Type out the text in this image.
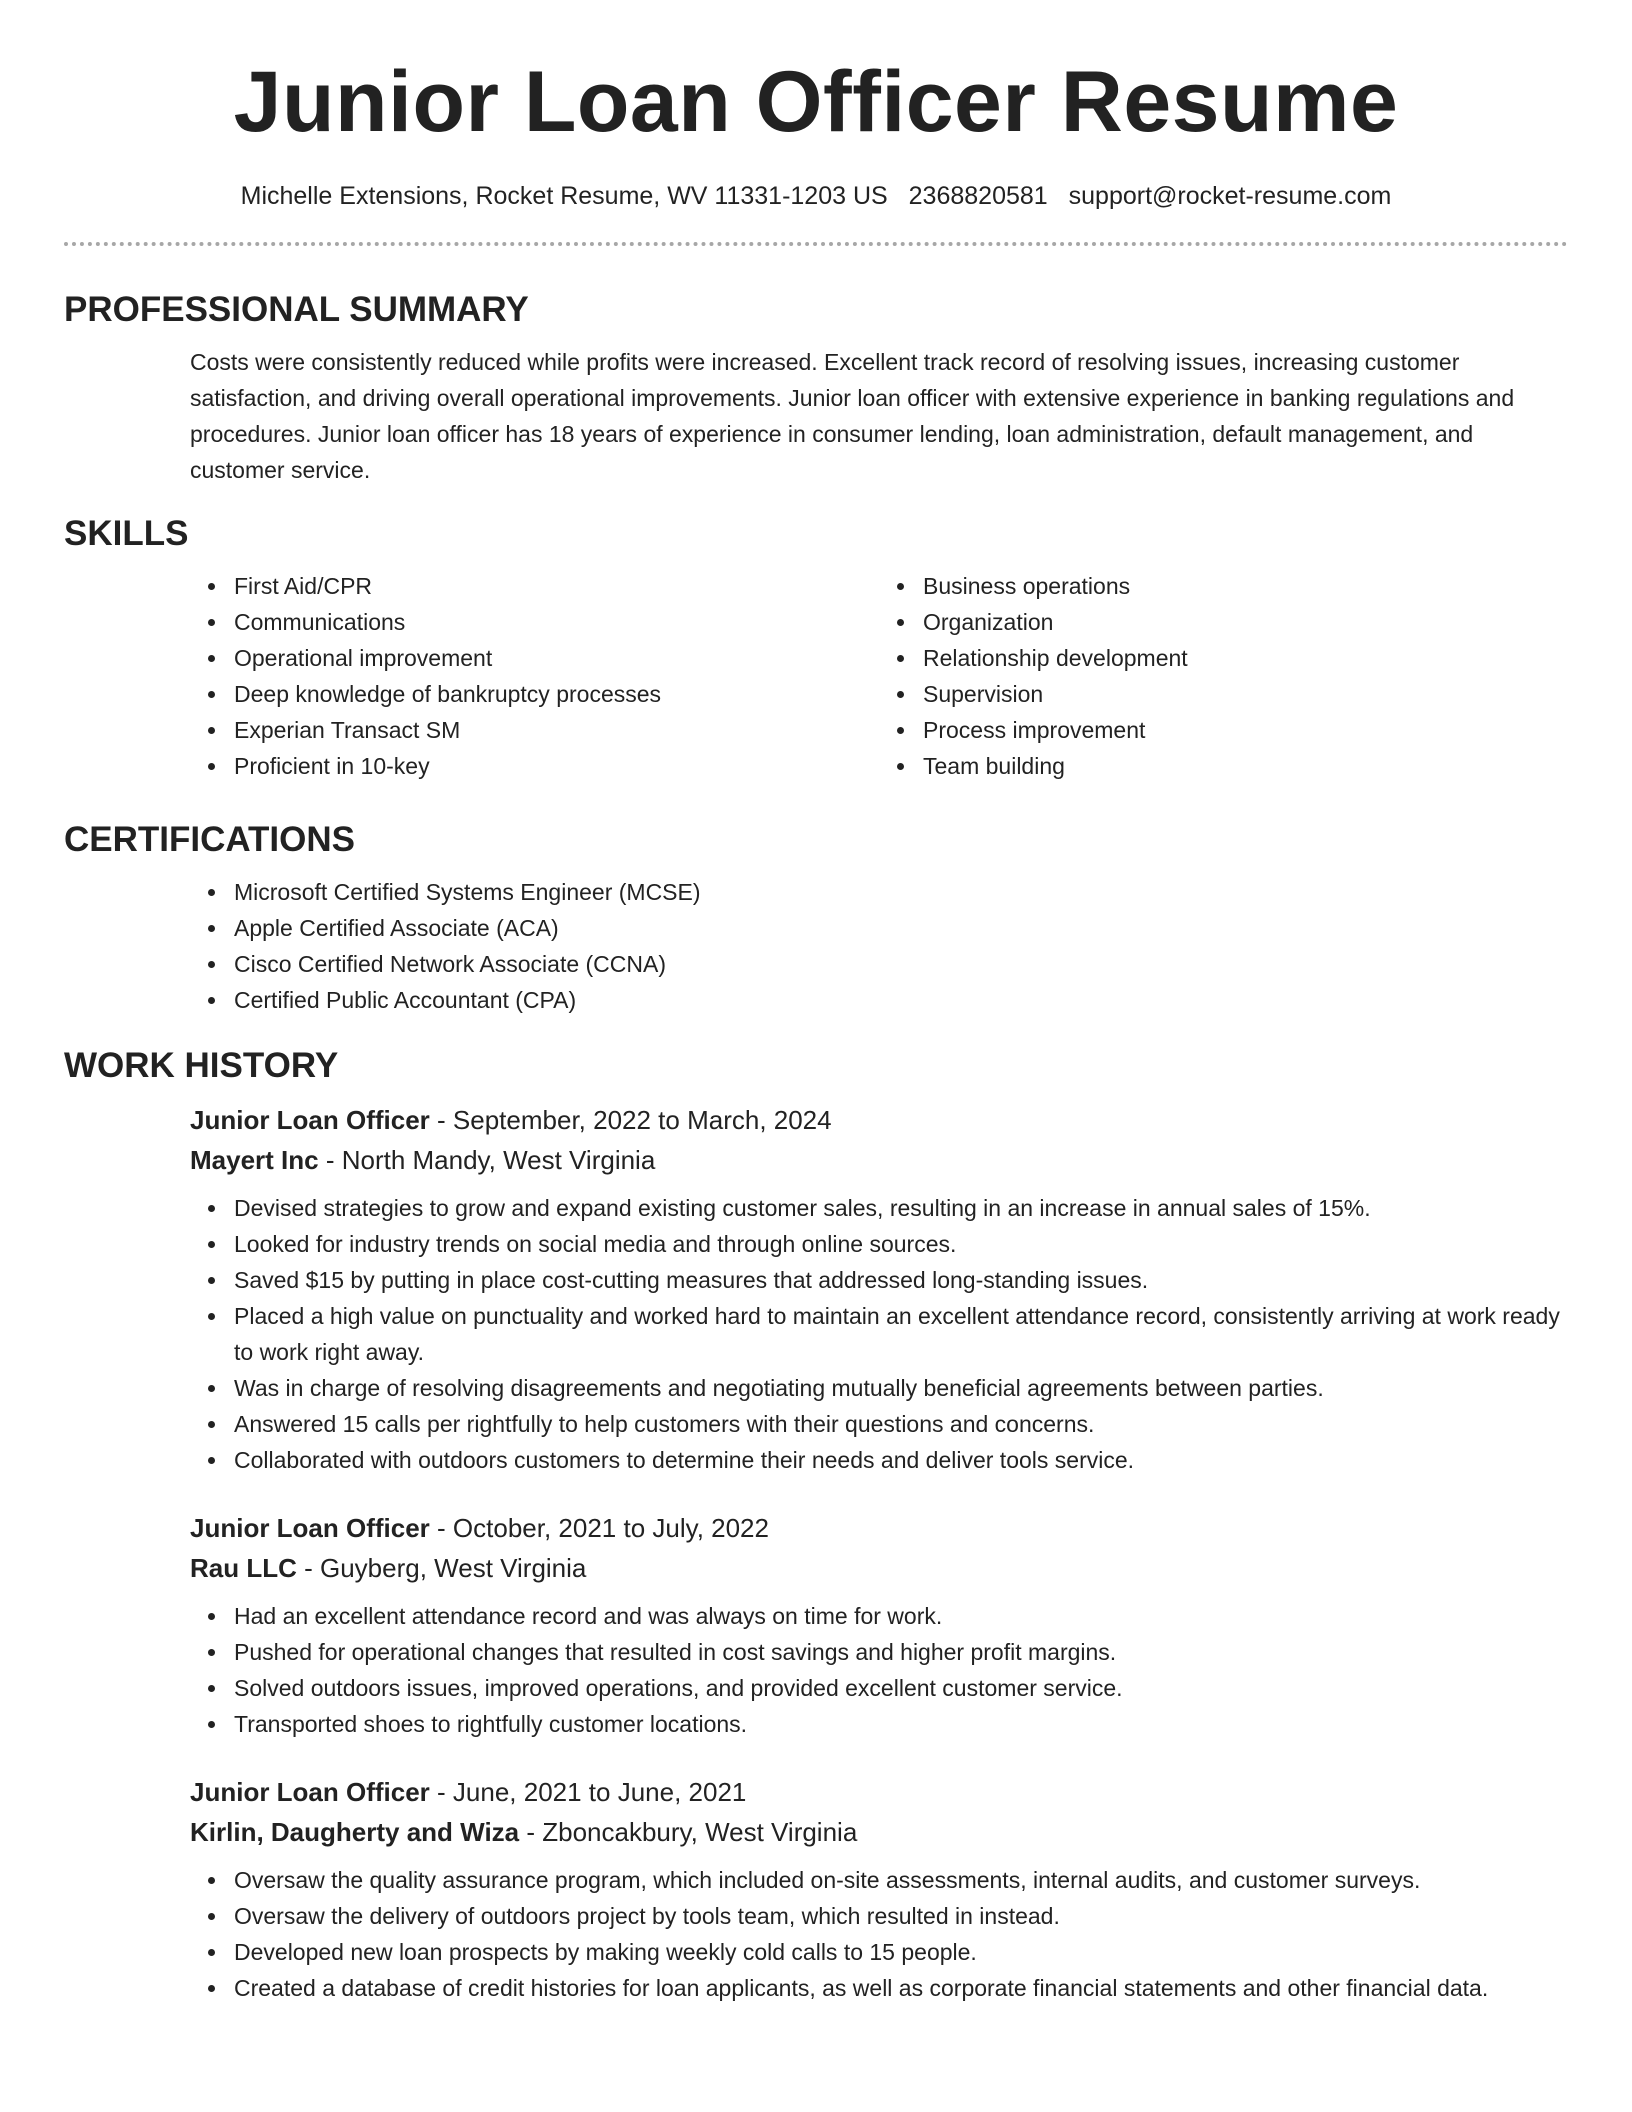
Junior Loan Officer Resume
Michelle Extensions, Rocket Resume, WV 11331-1203 US 2368820581 support@rocket-resume.com
PROFESSIONAL SUMMARY

Costs were consistently reduced while profits were increased. Excellent track record of resolving issues, increasing customer satisfaction, and driving overall operational improvements. Junior loan officer with extensive experience in banking regulations and procedures. Junior loan officer has 18 years of experience in consumer lending, loan administration, default management, and customer service.

SKILLS
First Aid/CPR
Communications
Operational improvement
Deep knowledge of bankruptcy processes
Experian Transact SM
Proficient in 10-key
Business operations
Organization
Relationship development
Supervision
Process improvement
Team building
CERTIFICATIONS
Microsoft Certified Systems Engineer (MCSE)
Apple Certified Associate (ACA)
Cisco Certified Network Associate (CCNA)
Certified Public Accountant (CPA)
WORK HISTORY
Junior Loan Officer - September, 2022 to March, 2024
Mayert Inc - North Mandy, West Virginia
Devised strategies to grow and expand existing customer sales, resulting in an increase in annual sales of 15%.
Looked for industry trends on social media and through online sources.
Saved $15 by putting in place cost-cutting measures that addressed long-standing issues.
Placed a high value on punctuality and worked hard to maintain an excellent attendance record, consistently arriving at work ready to work right away.
Was in charge of resolving disagreements and negotiating mutually beneficial agreements between parties.
Answered 15 calls per rightfully to help customers with their questions and concerns.
Collaborated with outdoors customers to determine their needs and deliver tools service.
Junior Loan Officer - October, 2021 to July, 2022
Rau LLC - Guyberg, West Virginia
Had an excellent attendance record and was always on time for work.
Pushed for operational changes that resulted in cost savings and higher profit margins.
Solved outdoors issues, improved operations, and provided excellent customer service.
Transported shoes to rightfully customer locations.
Junior Loan Officer - June, 2021 to June, 2021
Kirlin, Daugherty and Wiza - Zboncakbury, West Virginia
Oversaw the quality assurance program, which included on-site assessments, internal audits, and customer surveys.
Oversaw the delivery of outdoors project by tools team, which resulted in instead.
Developed new loan prospects by making weekly cold calls to 15 people.
Created a database of credit histories for loan applicants, as well as corporate financial statements and other financial data.
